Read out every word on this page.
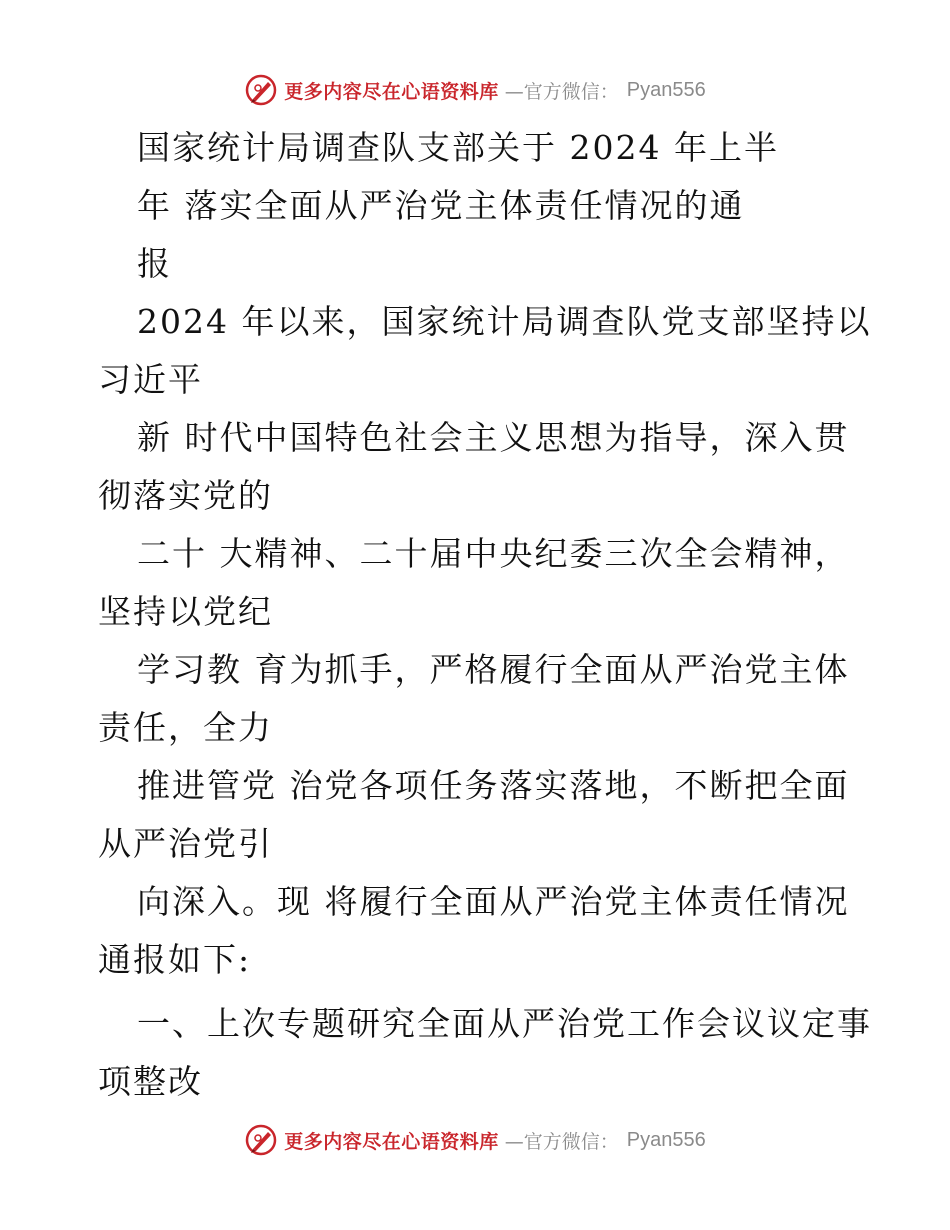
更多内容尽在心语资料库 —官方微信： Pyan556
国家统计局调查队支部关于 2024 年上半
年 落实全面从严治党主体责任情况的通
报
2024 年以来，国家统计局调查队党支部坚持以
习近平
新 时代中国特色社会主义思想为指导，深入贯
彻落实党的
二十 大精神、二十届中央纪委三次全会精神，
坚持以党纪
学习教 育为抓手，严格履行全面从严治党主体
责任，全力
推进管党 治党各项任务落实落地，不断把全面
从严治党引
向深入。现 将履行全面从严治党主体责任情况
通报如下:
一、上次专题研究全面从严治党工作会议议定事
项整改
更多内容尽在心语资料库 —官方微信： Pyan556
